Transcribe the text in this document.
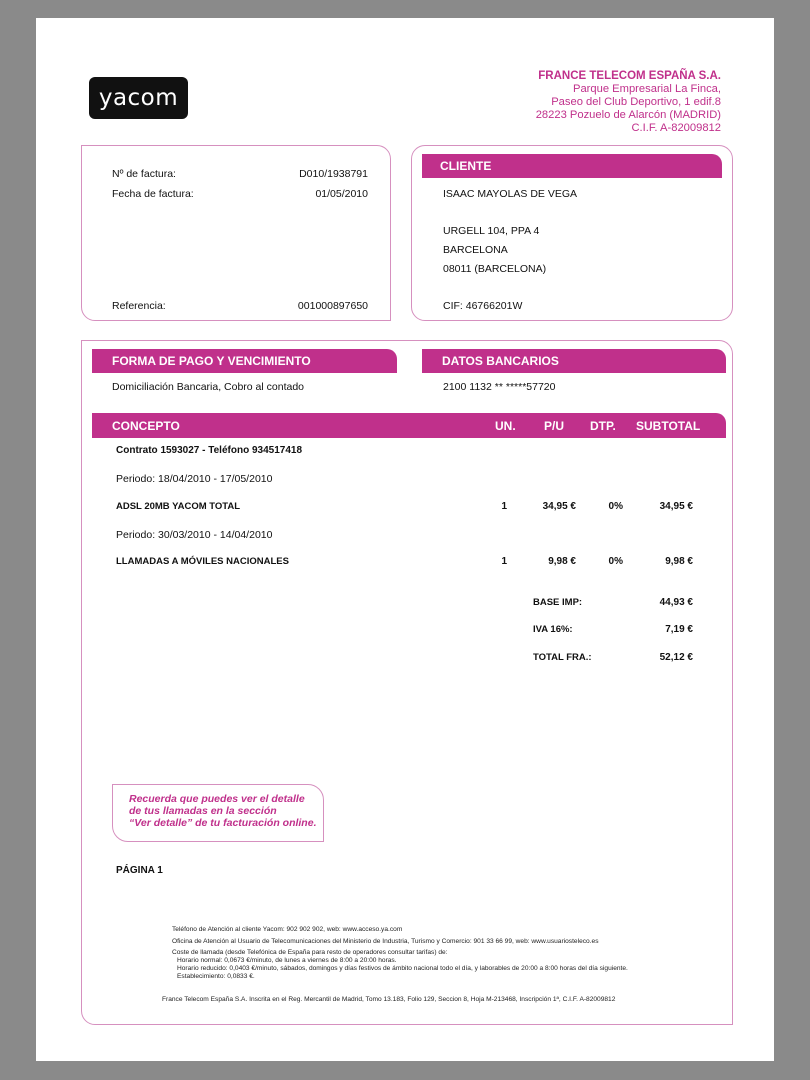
yacom
FRANCE TELECOM ESPAÑA S.A.
Parque Empresarial La Finca,
Paseo del Club Deportivo, 1 edif.8
28223 Pozuelo de Alarcón (MADRID)
C.I.F. A-82009812
Nº de factura:	D010/1938791
Fecha de factura:	01/05/2010
Referencia:	001000897650
CLIENTE
ISAAC MAYOLAS DE VEGA
URGELL 104, PPA 4
BARCELONA
08011 (BARCELONA)
CIF: 46766201W
FORMA DE PAGO Y VENCIMIENTO
Domiciliación Bancaria, Cobro al contado
DATOS BANCARIOS
2100 1132 ** *****57720
CONCEPTO	UN. P/U DTP. SUBTOTAL
Contrato 1593027 - Teléfono 934517418
Periodo: 18/04/2010 - 17/05/2010
ADSL 20MB YACOM TOTAL	1	34,95 €	0%	34,95 €
Periodo: 30/03/2010 - 14/04/2010
LLAMADAS A MÓVILES NACIONALES	1	9,98 €	0%	9,98 €
BASE IMP:	44,93 €
IVA 16%:	7,19 €
TOTAL FRA.:	52,12 €
PÁGINA 1
Teléfono de Atención al cliente Yacom: 902 902 902, web: www.acceso.ya.com
Oficina de Atención al Usuario de Telecomunicaciones del Ministerio de Industria, Turismo y Comercio: 901 33 66 99, web: www.usuariosteleco.es
Coste de llamada (desde Telefónica de España para resto de operadores consultar tarifas) de:
Horario normal: 0,0673 €/minuto, de lunes a viernes de 8:00 a 20:00 horas.
Horario reducido: 0,0403 €/minuto, sábados, domingos y días festivos de ámbito nacional todo el día, y laborables de 20:00 a 8:00 horas del día siguiente.
Establecimiento: 0,0833 €.
France Telecom España S.A. Inscrita en el Reg. Mercantil de Madrid, Tomo 13.183, Folio 129, Seccion 8, Hoja M-213468, Inscripción 1ª, C.I.F. A-82009812
Recuerda que puedes ver el detalle
de tus llamadas en la sección
“Ver detalle” de tu facturación online.
